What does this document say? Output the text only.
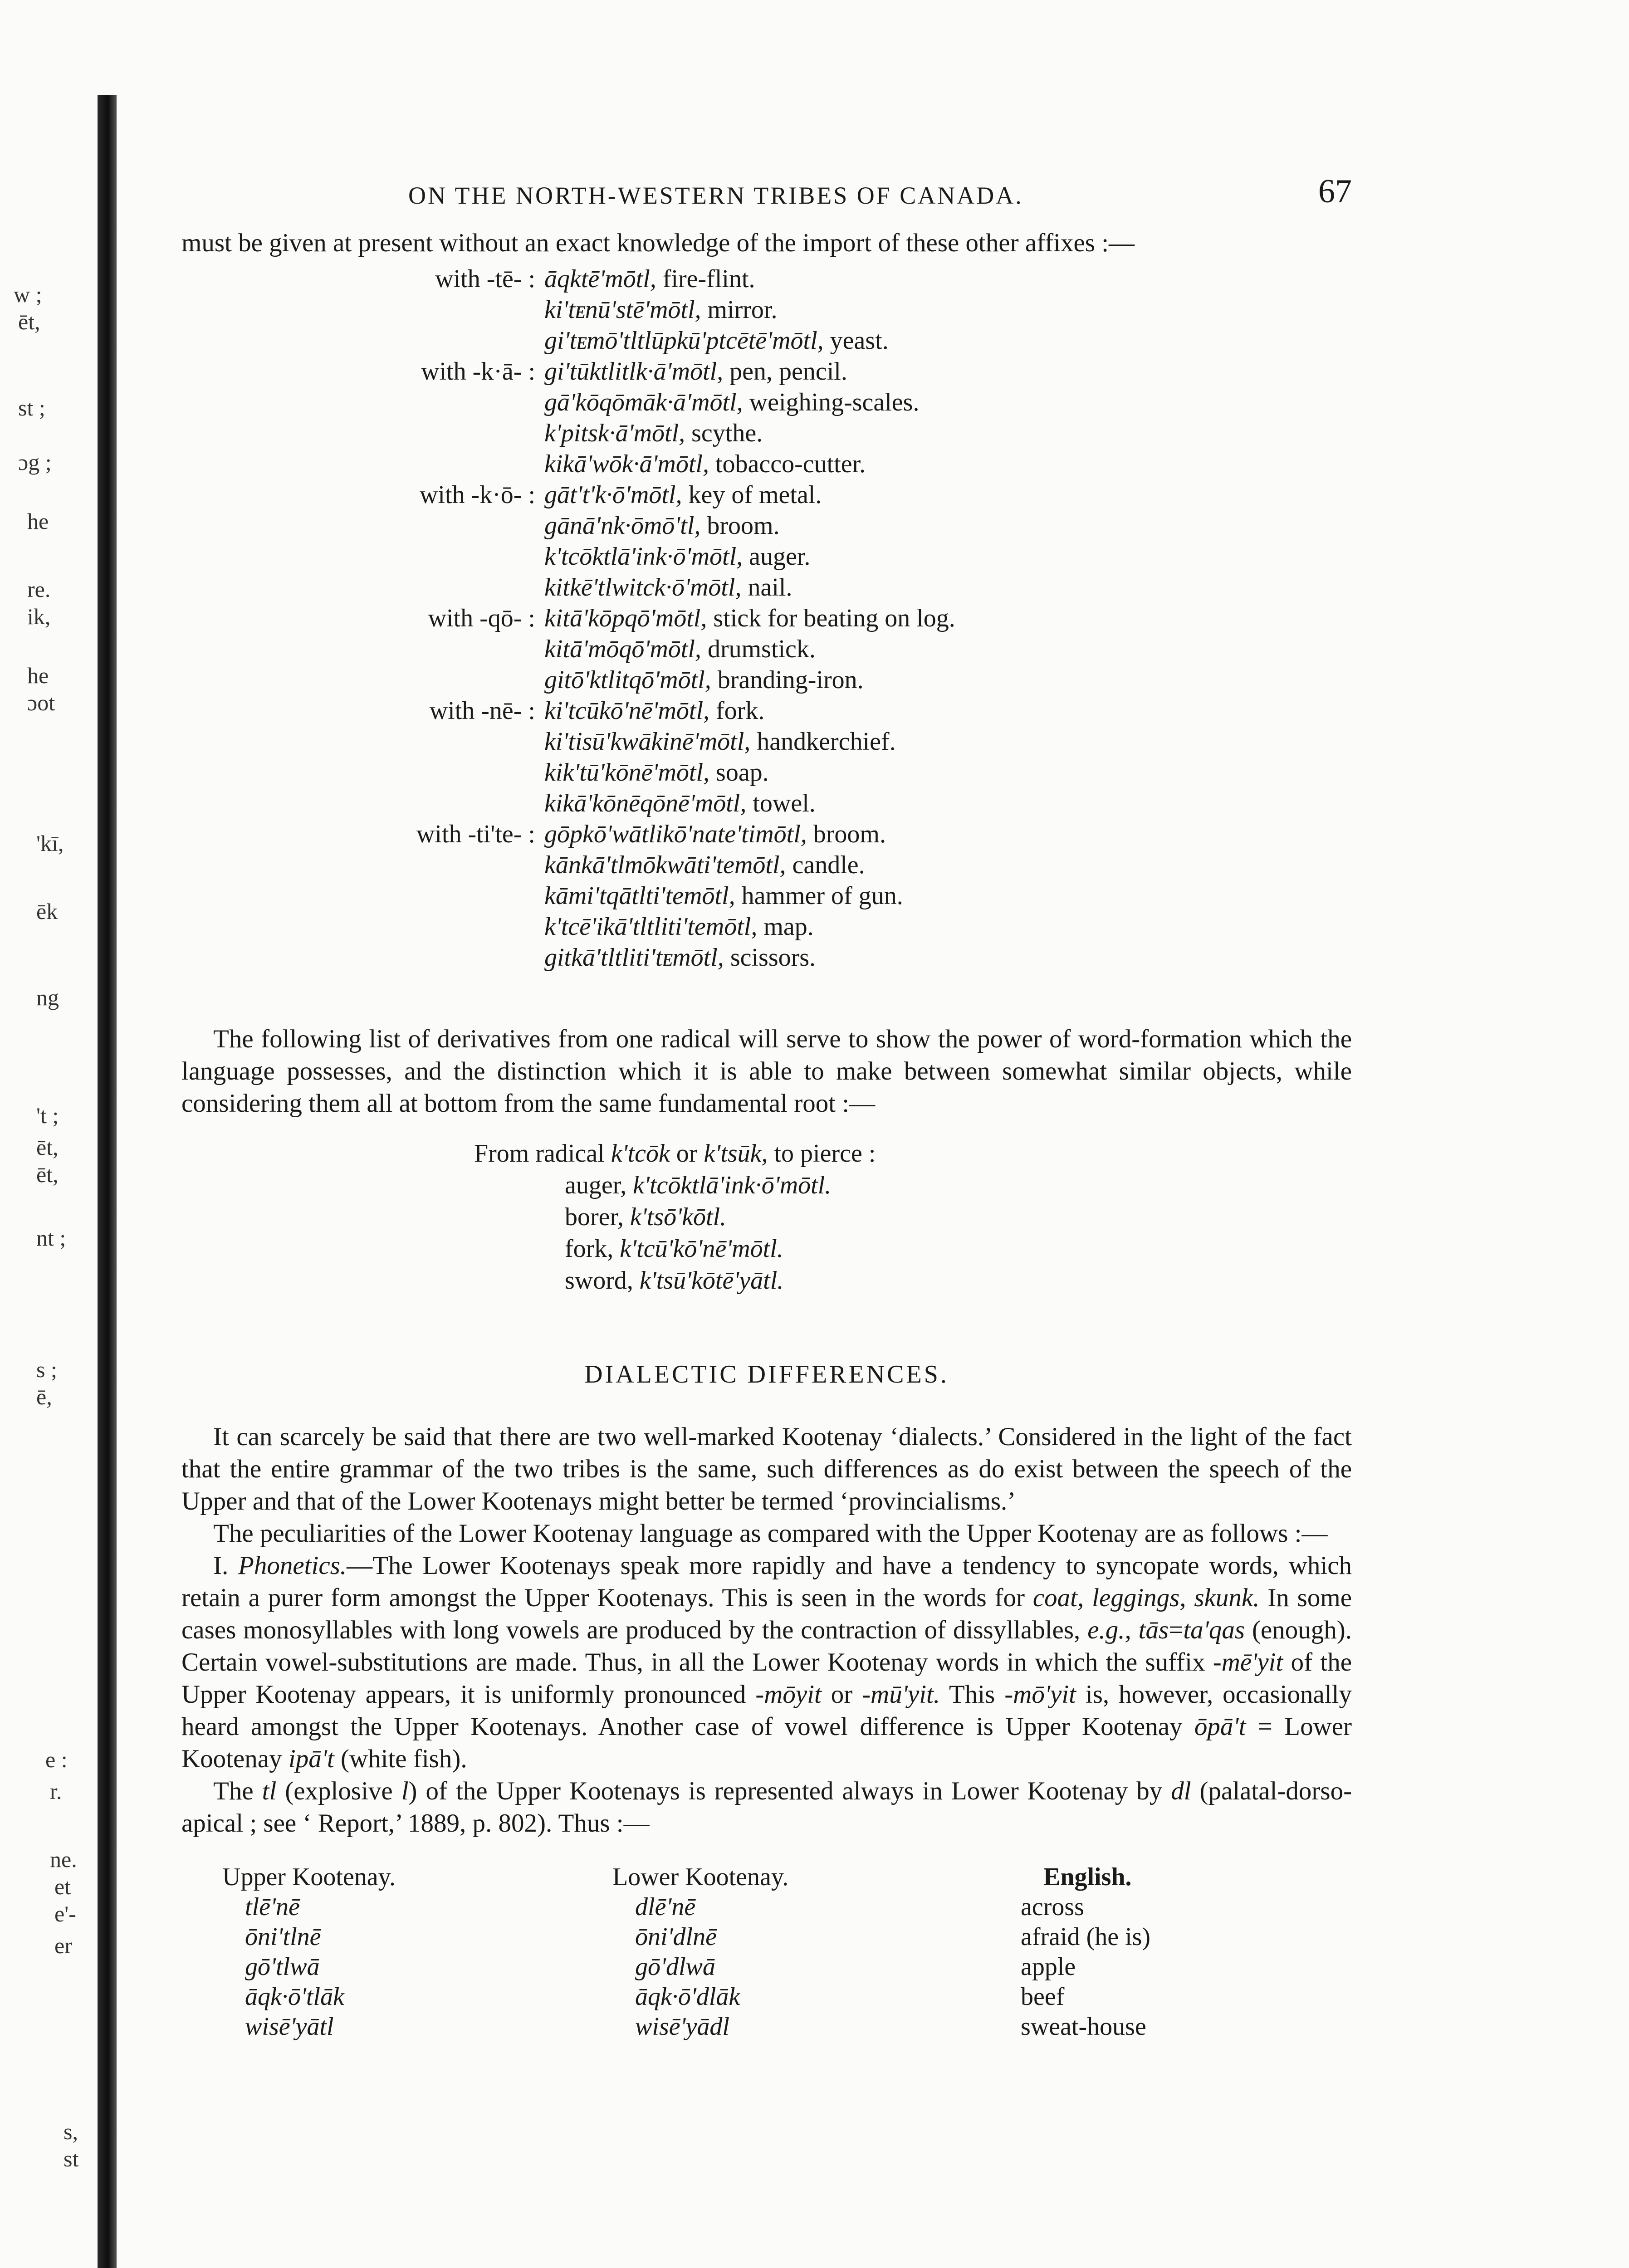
w ;
ēt,
st ;
ɔg ;
he
re.
ik,
he
ɔot
'kī,
ēk
ng
't ;
ēt,
ēt,
nt ;
s ;
ē,
e :
r.
ne.
et
e'-
er
s,
st
ON THE NORTH-WESTERN TRIBES OF CANADA.	67

must be given at present without an exact knowledge of the import of these other affixes :—

with -tē- : āqktē'mōtl, fire-flint.
ki'tᴇnū'stē'mōtl, mirror.
gi'tᴇmō'tltlūpkū'ptcētē'mōtl, yeast.
with -k·ā- : gi'tūktlitlk·ā'mōtl, pen, pencil.
gā'kōqōmāk·ā'mōtl, weighing-scales.
k'pitsk·ā'mōtl, scythe.
kikā'wōk·ā'mōtl, tobacco-cutter.
with -k·ō- : gāt't'k·ō'mōtl, key of metal.
gānā'nk·ōmō'tl, broom.
k'tcōktlā'ink·ō'mōtl, auger.
kitkē'tlwitck·ō'mōtl, nail.
with -qō- : kitā'kōpqō'mōtl, stick for beating on log.
kitā'mōqō'mōtl, drumstick.
gitō'ktlitqō'mōtl, branding-iron.
with -nē- : ki'tcūkō'nē'mōtl, fork.
ki'tisū'kwākinē'mōtl, handkerchief.
kik'tū'kōnē'mōtl, soap.
kikā'kōnēqōnē'mōtl, towel.
with -ti'te- : gōpkō'wātlikō'nate'timōtl, broom.
kānkā'tlmōkwāti'temōtl, candle.
kāmi'tqātlti'temōtl, hammer of gun.
k'tcē'ikā'tltliti'temōtl, map.
gitkā'tltliti'tᴇmōtl, scissors.

The following list of derivatives from one radical will serve to show the power of word-formation which the language possesses, and the distinction which it is able to make between somewhat similar objects, while considering them all at bottom from the same fundamental root :—

From radical k'tcōk or k'tsūk, to pierce :
auger, k'tcōktlā'ink·ō'mōtl.
borer, k'tsō'kōtl.
fork, k'tcū'kō'nē'mōtl.
sword, k'tsū'kōtē'yātl.
DIALECTIC DIFFERENCES.

It can scarcely be said that there are two well-marked Kootenay ‘dialects.’ Considered in the light of the fact that the entire grammar of the two tribes is the same, such differences as do exist between the speech of the Upper and that of the Lower Kootenays might better be termed ‘provincialisms.’

The peculiarities of the Lower Kootenay language as compared with the Upper Kootenay are as follows :—

I. Phonetics.—The Lower Kootenays speak more rapidly and have a tendency to syncopate words, which retain a purer form amongst the Upper Kootenays. This is seen in the words for coat, leggings, skunk. In some cases monosyllables with long vowels are produced by the contraction of dissyllables, e.g., tās=ta'qas (enough). Certain vowel-substitutions are made. Thus, in all the Lower Kootenay words in which the suffix -mē'yit of the Upper Kootenay appears, it is uniformly pronounced -mōyit or -mū'yit. This -mō'yit is, however, occasionally heard amongst the Upper Kootenays. Another case of vowel difference is Upper Kootenay ōpā't = Lower Kootenay ipā't (white fish).

The tl (explosive l) of the Upper Kootenays is represented always in Lower Kootenay by dl (palatal-dorso-apical ; see ‘ Report,’ 1889, p. 802). Thus :—

Upper Kootenay.	Lower Kootenay.	English.
tlē'nē	dlē'nē	across
ōni'tlnē	ōni'dlnē	afraid (he is)
gō'tlwā	gō'dlwā	apple
āqk·ō'tlāk	āqk·ō'dlāk	beef
wisē'yātl	wisē'yādl	sweat-house
